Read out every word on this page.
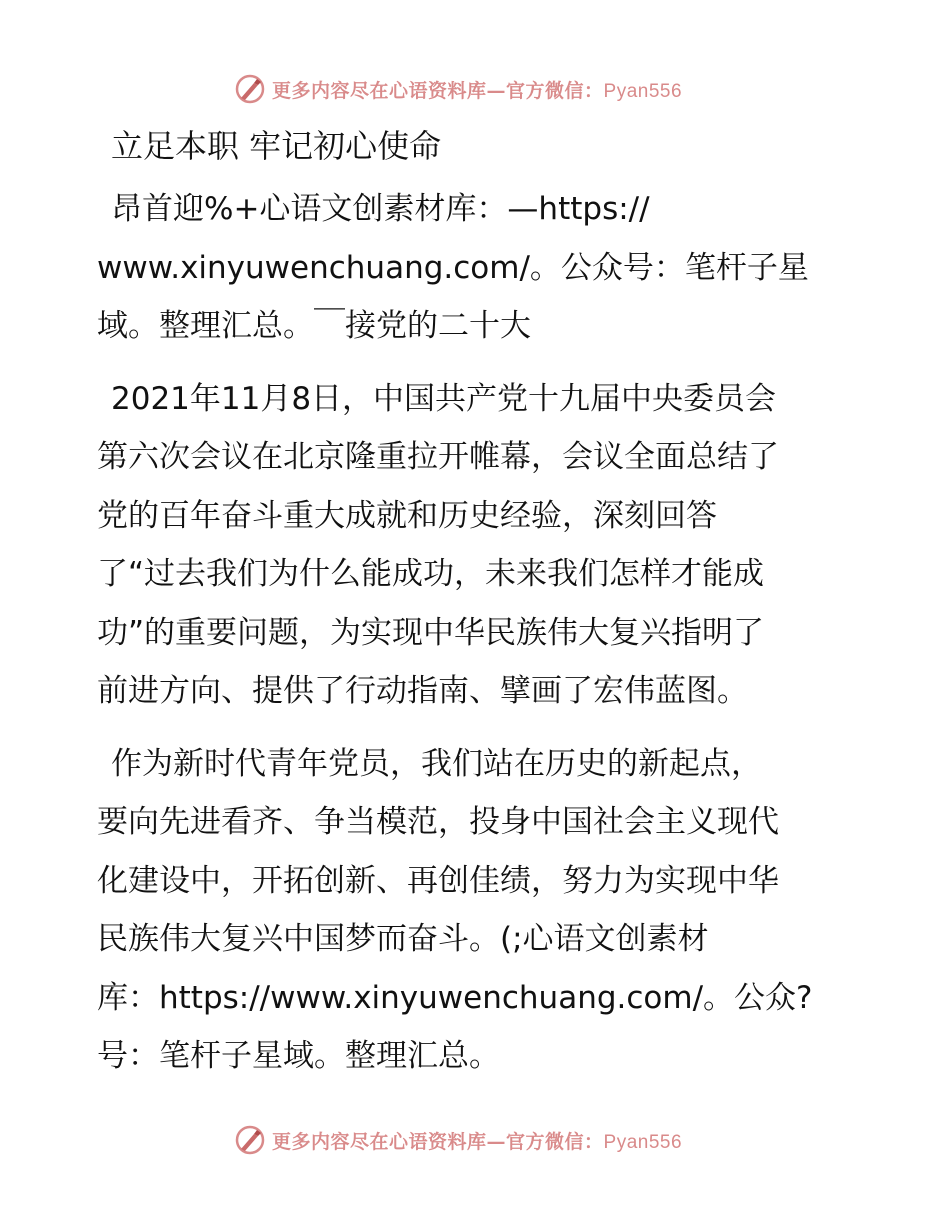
更多内容尽在心语资料库—官方微信：Pyan556
立足本职 牢记初心使命
昂首迎%+心语文创素材库：—https://
www.xinyuwenchuang.com/。公众号：笔杆子星
域。整理汇总。￣接党的二十大
2021年11月8日，中国共产党十九届中央委员会
第六次会议在北京隆重拉开帷幕，会议全面总结了
党的百年奋斗重大成就和历史经验，深刻回答
了“过去我们为什么能成功，未来我们怎样才能成
功”的重要问题，为实现中华民族伟大复兴指明了
前进方向、提供了行动指南、擘画了宏伟蓝图。
作为新时代青年党员，我们站在历史的新起点，
要向先进看齐、争当模范，投身中国社会主义现代
化建设中，开拓创新、再创佳绩，努力为实现中华
民族伟大复兴中国梦而奋斗。(;心语文创素材
库：https://www.xinyuwenchuang.com/。公众?
号：笔杆子星域。整理汇总。
更多内容尽在心语资料库—官方微信：Pyan556
